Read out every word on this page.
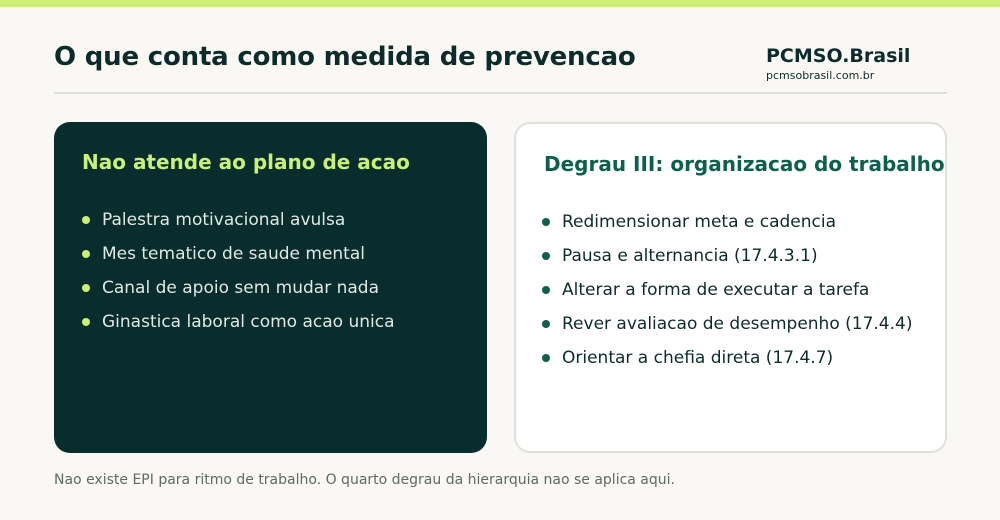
O que conta como medida de prevencao	PCMSO.Brasil
pcmsobrasil.com.br
Nao atende ao plano de acao
Palestra motivacional avulsa
Mes tematico de saude mental
Canal de apoio sem mudar nada
Ginastica laboral como acao unica
Degrau III: organizacao do trabalho
Redimensionar meta e cadencia
Pausa e alternancia (17.4.3.1)
Alterar a forma de executar a tarefa
Rever avaliacao de desempenho (17.4.4)
Orientar a chefia direta (17.4.7)
Nao existe EPI para ritmo de trabalho. O quarto degrau da hierarquia nao se aplica aqui.
